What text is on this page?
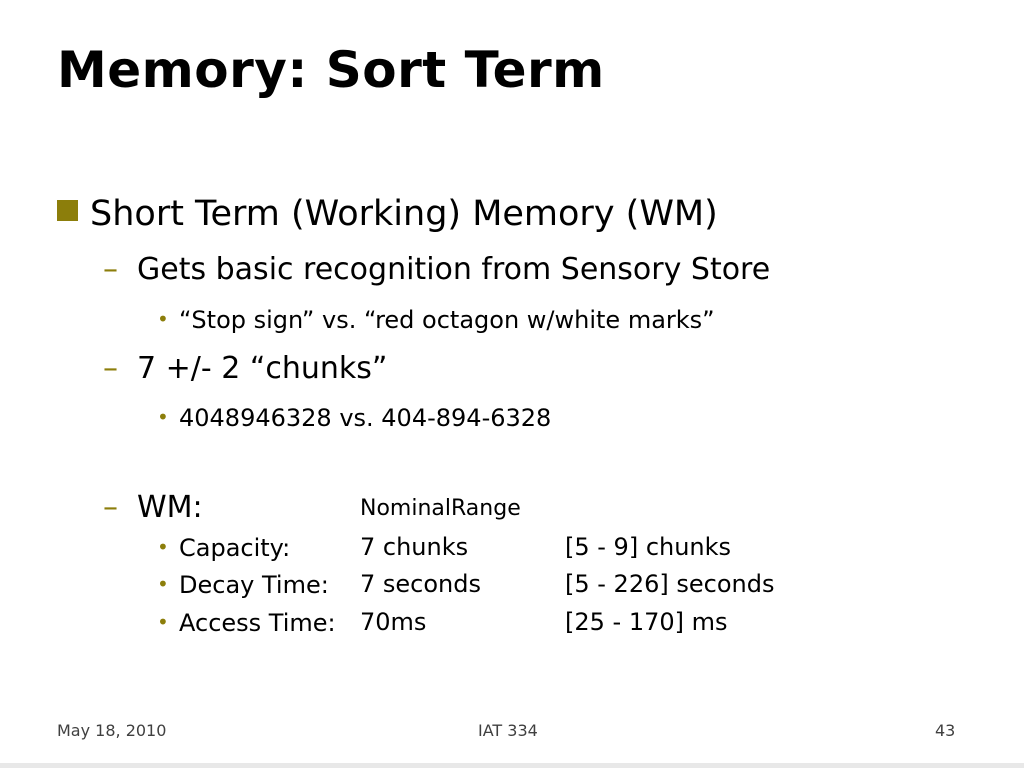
Memory: Sort Term
Short Term (Working) Memory (WM)
– Gets basic recognition from Sensory Store
• “Stop sign” vs. “red octagon w/white marks”
– 7 +/- 2 “chunks”
• 4048946328 vs. 404-894-6328
– WM:	NominalRange
• Capacity:	7 chunks	[5 - 9] chunks
• Decay Time: 7 seconds	[5 - 226] seconds
• Access Time: 70ms	[25 - 170] ms
May 18, 2010	IAT 334	43
